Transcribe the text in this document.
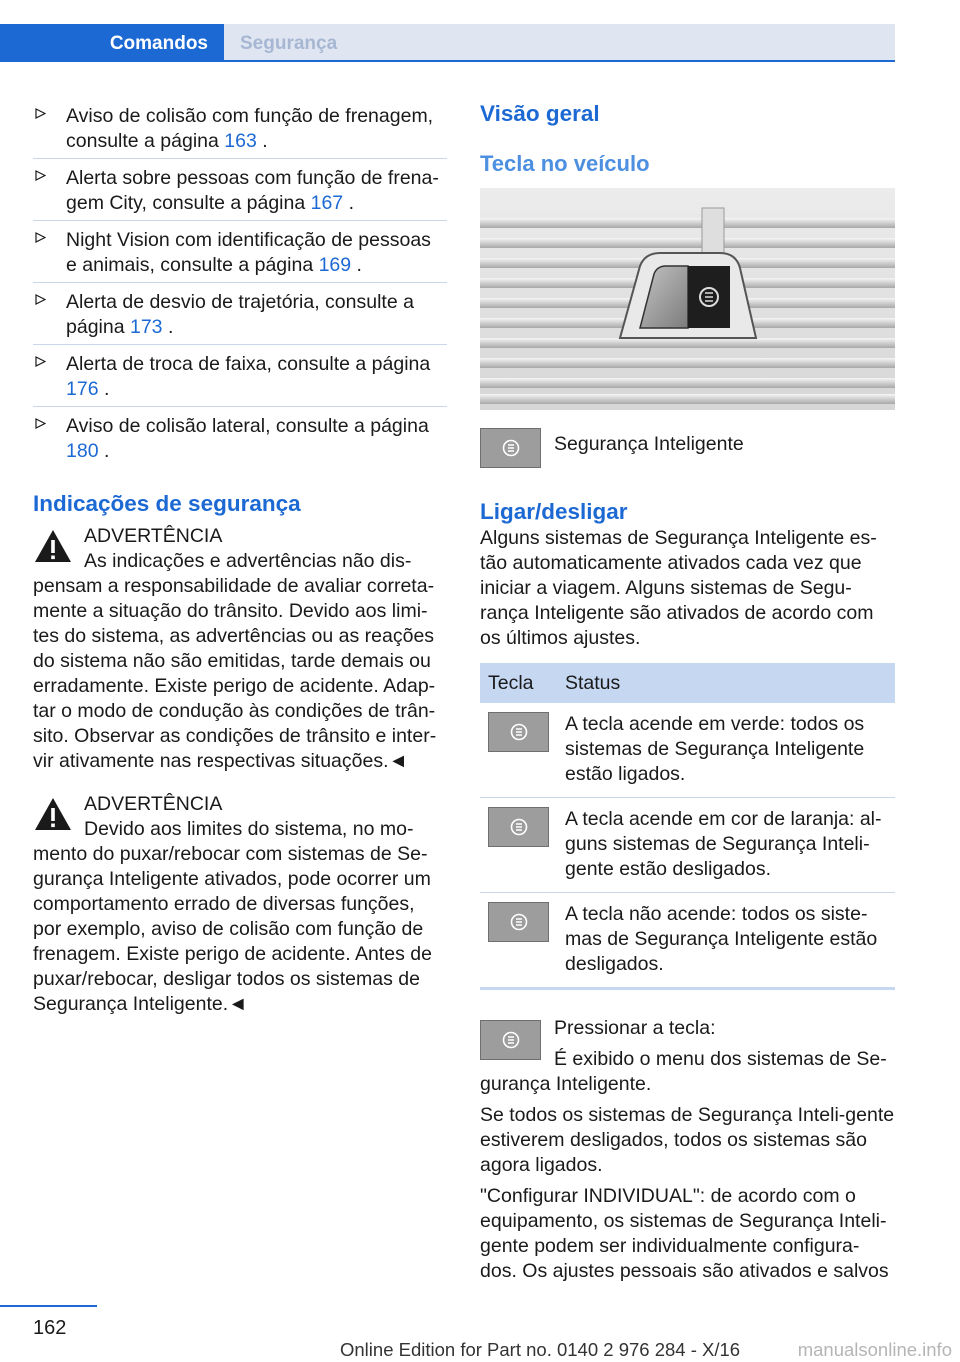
Comandos	Segurança
Aviso de colisão com função de frenagem, consulte a página 163 .
Alerta sobre pessoas com função de frena‐gem City, consulte a página 167 .
Night Vision com identificação de pessoas e animais, consulte a página 169 .
Alerta de desvio de trajetória, consulte a página 173 .
Alerta de troca de faixa, consulte a página 176 .
Aviso de colisão lateral, consulte a página 180 .
Indicações de segurança
ADVERTÊNCIA
As indicações e advertências não dis‐
pensam a responsabilidade de avaliar correta‐mente a situação do trânsito. Devido aos limi‐tes do sistema, as advertências ou as reações do sistema não são emitidas, tarde demais ou erradamente. Existe perigo de acidente. Adap‐tar o modo de condução às condições de trân‐sito. Observar as condições de trânsito e inter‐vir ativamente nas respectivas situações.◄
ADVERTÊNCIA
Devido aos limites do sistema, no mo‐
mento do puxar/rebocar com sistemas de Se‐gurança Inteligente ativados, pode ocorrer um comportamento errado de diversas funções, por exemplo, aviso de colisão com função de frenagem. Existe perigo de acidente. Antes de puxar/rebocar, desligar todos os sistemas de Segurança Inteligente.◄
Visão geral
Tecla no veículo
Segurança Inteligente
Ligar/desligar

Alguns sistemas de Segurança Inteligente es‐tão automaticamente ativados cada vez que iniciar a viagem. Alguns sistemas de Segu‐rança Inteligente são ativados de acordo com os últimos ajustes.

Tecla	Status

	A tecla acende em verde: todos os sistemas de Segurança Inteligente estão ligados.

	A tecla acende em cor de laranja: al‐guns sistemas de Segurança Inteli‐gente estão desligados.

	A tecla não acende: todos os siste‐mas de Segurança Inteligente estão desligados.
Pressionar a tecla:
É exibido o menu dos sistemas de Se‐
gurança Inteligente.

Se todos os sistemas de Segurança Inteli‐gente estiverem desligados, todos os sistemas são agora ligados.

"Configurar INDIVIDUAL": de acordo com o equipamento, os sistemas de Segurança Inteli‐gente podem ser individualmente configura‐dos. Os ajustes pessoais são ativados e salvos

162
Online Edition for Part no. 0140 2 976 284 - X/16	manualsonline.info
